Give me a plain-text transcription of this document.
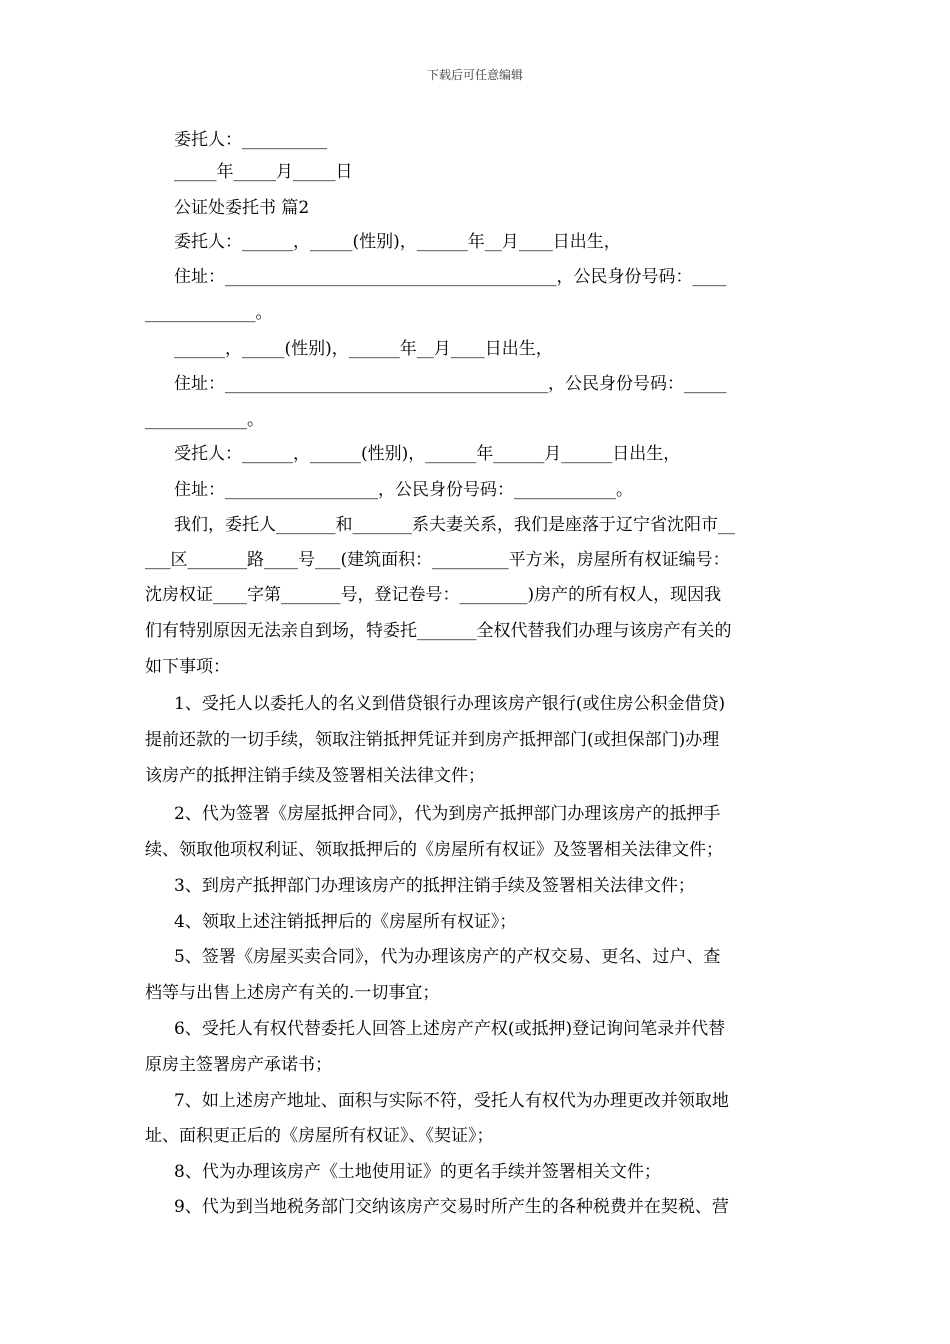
下载后可任意编辑
委托人：__________
_____年_____月_____日
公证处委托书 篇2
委托人：______，_____(性别)，______年__月____日出生，
住址：_______________________________________，公民身份号码：____
_____________。
______，_____(性别)，______年__月____日出生，
住址：______________________________________，公民身份号码：_____
____________。
受托人：______，______(性别)，______年______月______日出生，
住址：__________________，公民身份号码：____________。
我们，委托人_______和_______系夫妻关系，我们是座落于辽宁省沈阳市__
___区_______路____号___(建筑面积：_________平方米，房屋所有权证编号：
沈房权证____字第_______号，登记卷号：________)房产的所有权人，现因我
们有特别原因无法亲自到场，特委托_______全权代替我们办理与该房产有关的
如下事项：
1、受托人以委托人的名义到借贷银行办理该房产银行(或住房公积金借贷)
提前还款的一切手续，领取注销抵押凭证并到房产抵押部门(或担保部门)办理
该房产的抵押注销手续及签署相关法律文件；
2、代为签署《房屋抵押合同》，代为到房产抵押部门办理该房产的抵押手
续、领取他项权利证、领取抵押后的《房屋所有权证》及签署相关法律文件；
3、到房产抵押部门办理该房产的抵押注销手续及签署相关法律文件；
4、领取上述注销抵押后的《房屋所有权证》；
5、签署《房屋买卖合同》，代为办理该房产的产权交易、更名、过户、查
档等与出售上述房产有关的.一切事宜；
6、受托人有权代替委托人回答上述房产产权(或抵押)登记询问笔录并代替
原房主签署房产承诺书；
7、如上述房产地址、面积与实际不符，受托人有权代为办理更改并领取地
址、面积更正后的《房屋所有权证》、《契证》；
8、代为办理该房产《土地使用证》的更名手续并签署相关文件；
9、代为到当地税务部门交纳该房产交易时所产生的各种税费并在契税、营
